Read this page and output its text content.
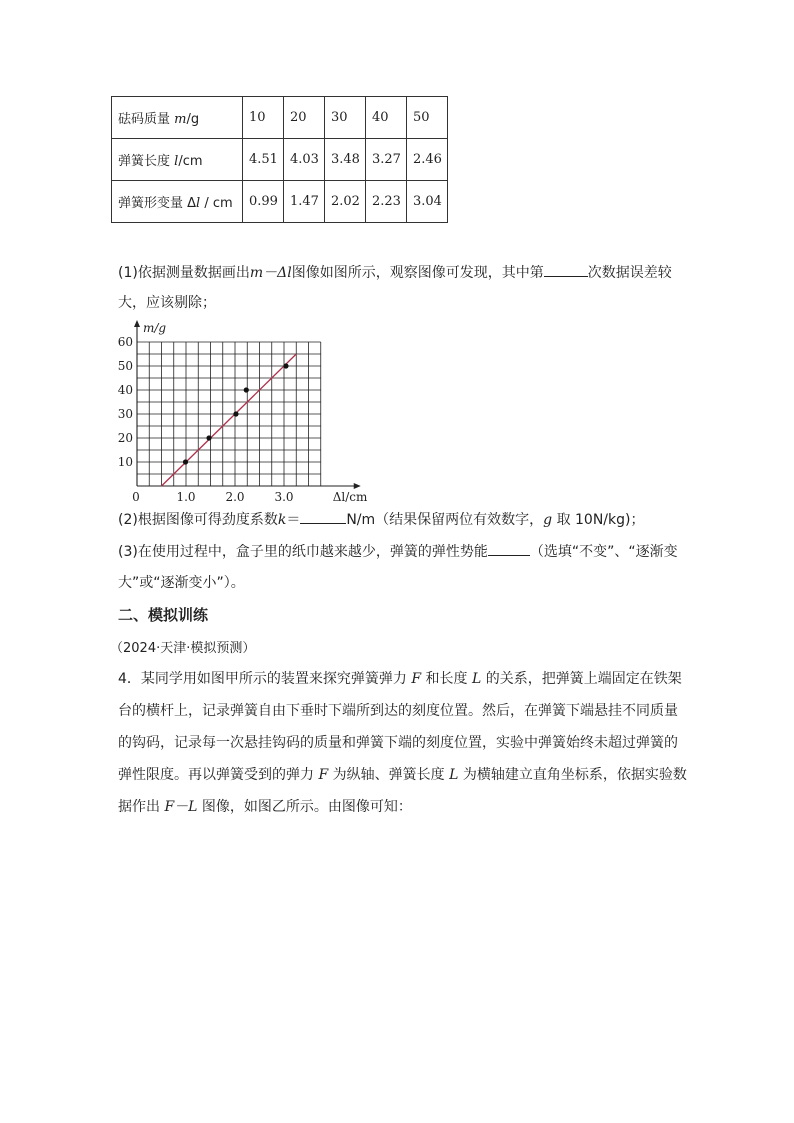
砝码质量 m/g	10	20	30	40	50
弹簧长度 l/cm	4.51	4.03	3.48	3.27	2.46
弹簧形变量 Δl / cm	0.99	1.47	2.02	2.23	3.04
(1)依据测量数据画出m－Δl图像如图所示，观察图像可发现，其中第	次数据误差较
大，应该剔除；
10
20
30
40
50
60
1.0 2.0 3.0
0
m/g
Δl/cm
(2)根据图像可得劲度系数k＝	N/m（结果保留两位有效数字，g 取 10N/kg)；
(3)在使用过程中，盒子里的纸巾越来越少，弹簧的弹性势能	（选填“不变”、“逐渐变
大”或“逐渐变小”）。
二、模拟训练
（2024·天津·模拟预测）
4．某同学用如图甲所示的装置来探究弹簧弹力 F 和长度 L 的关系，把弹簧上端固定在铁架
台的横杆上，记录弹簧自由下垂时下端所到达的刻度位置。然后，在弹簧下端悬挂不同质量
的钩码，记录每一次悬挂钩码的质量和弹簧下端的刻度位置，实验中弹簧始终未超过弹簧的
弹性限度。再以弹簧受到的弹力 F 为纵轴、弹簧长度 L 为横轴建立直角坐标系，依据实验数
据作出 F－L 图像，如图乙所示。由图像可知：
